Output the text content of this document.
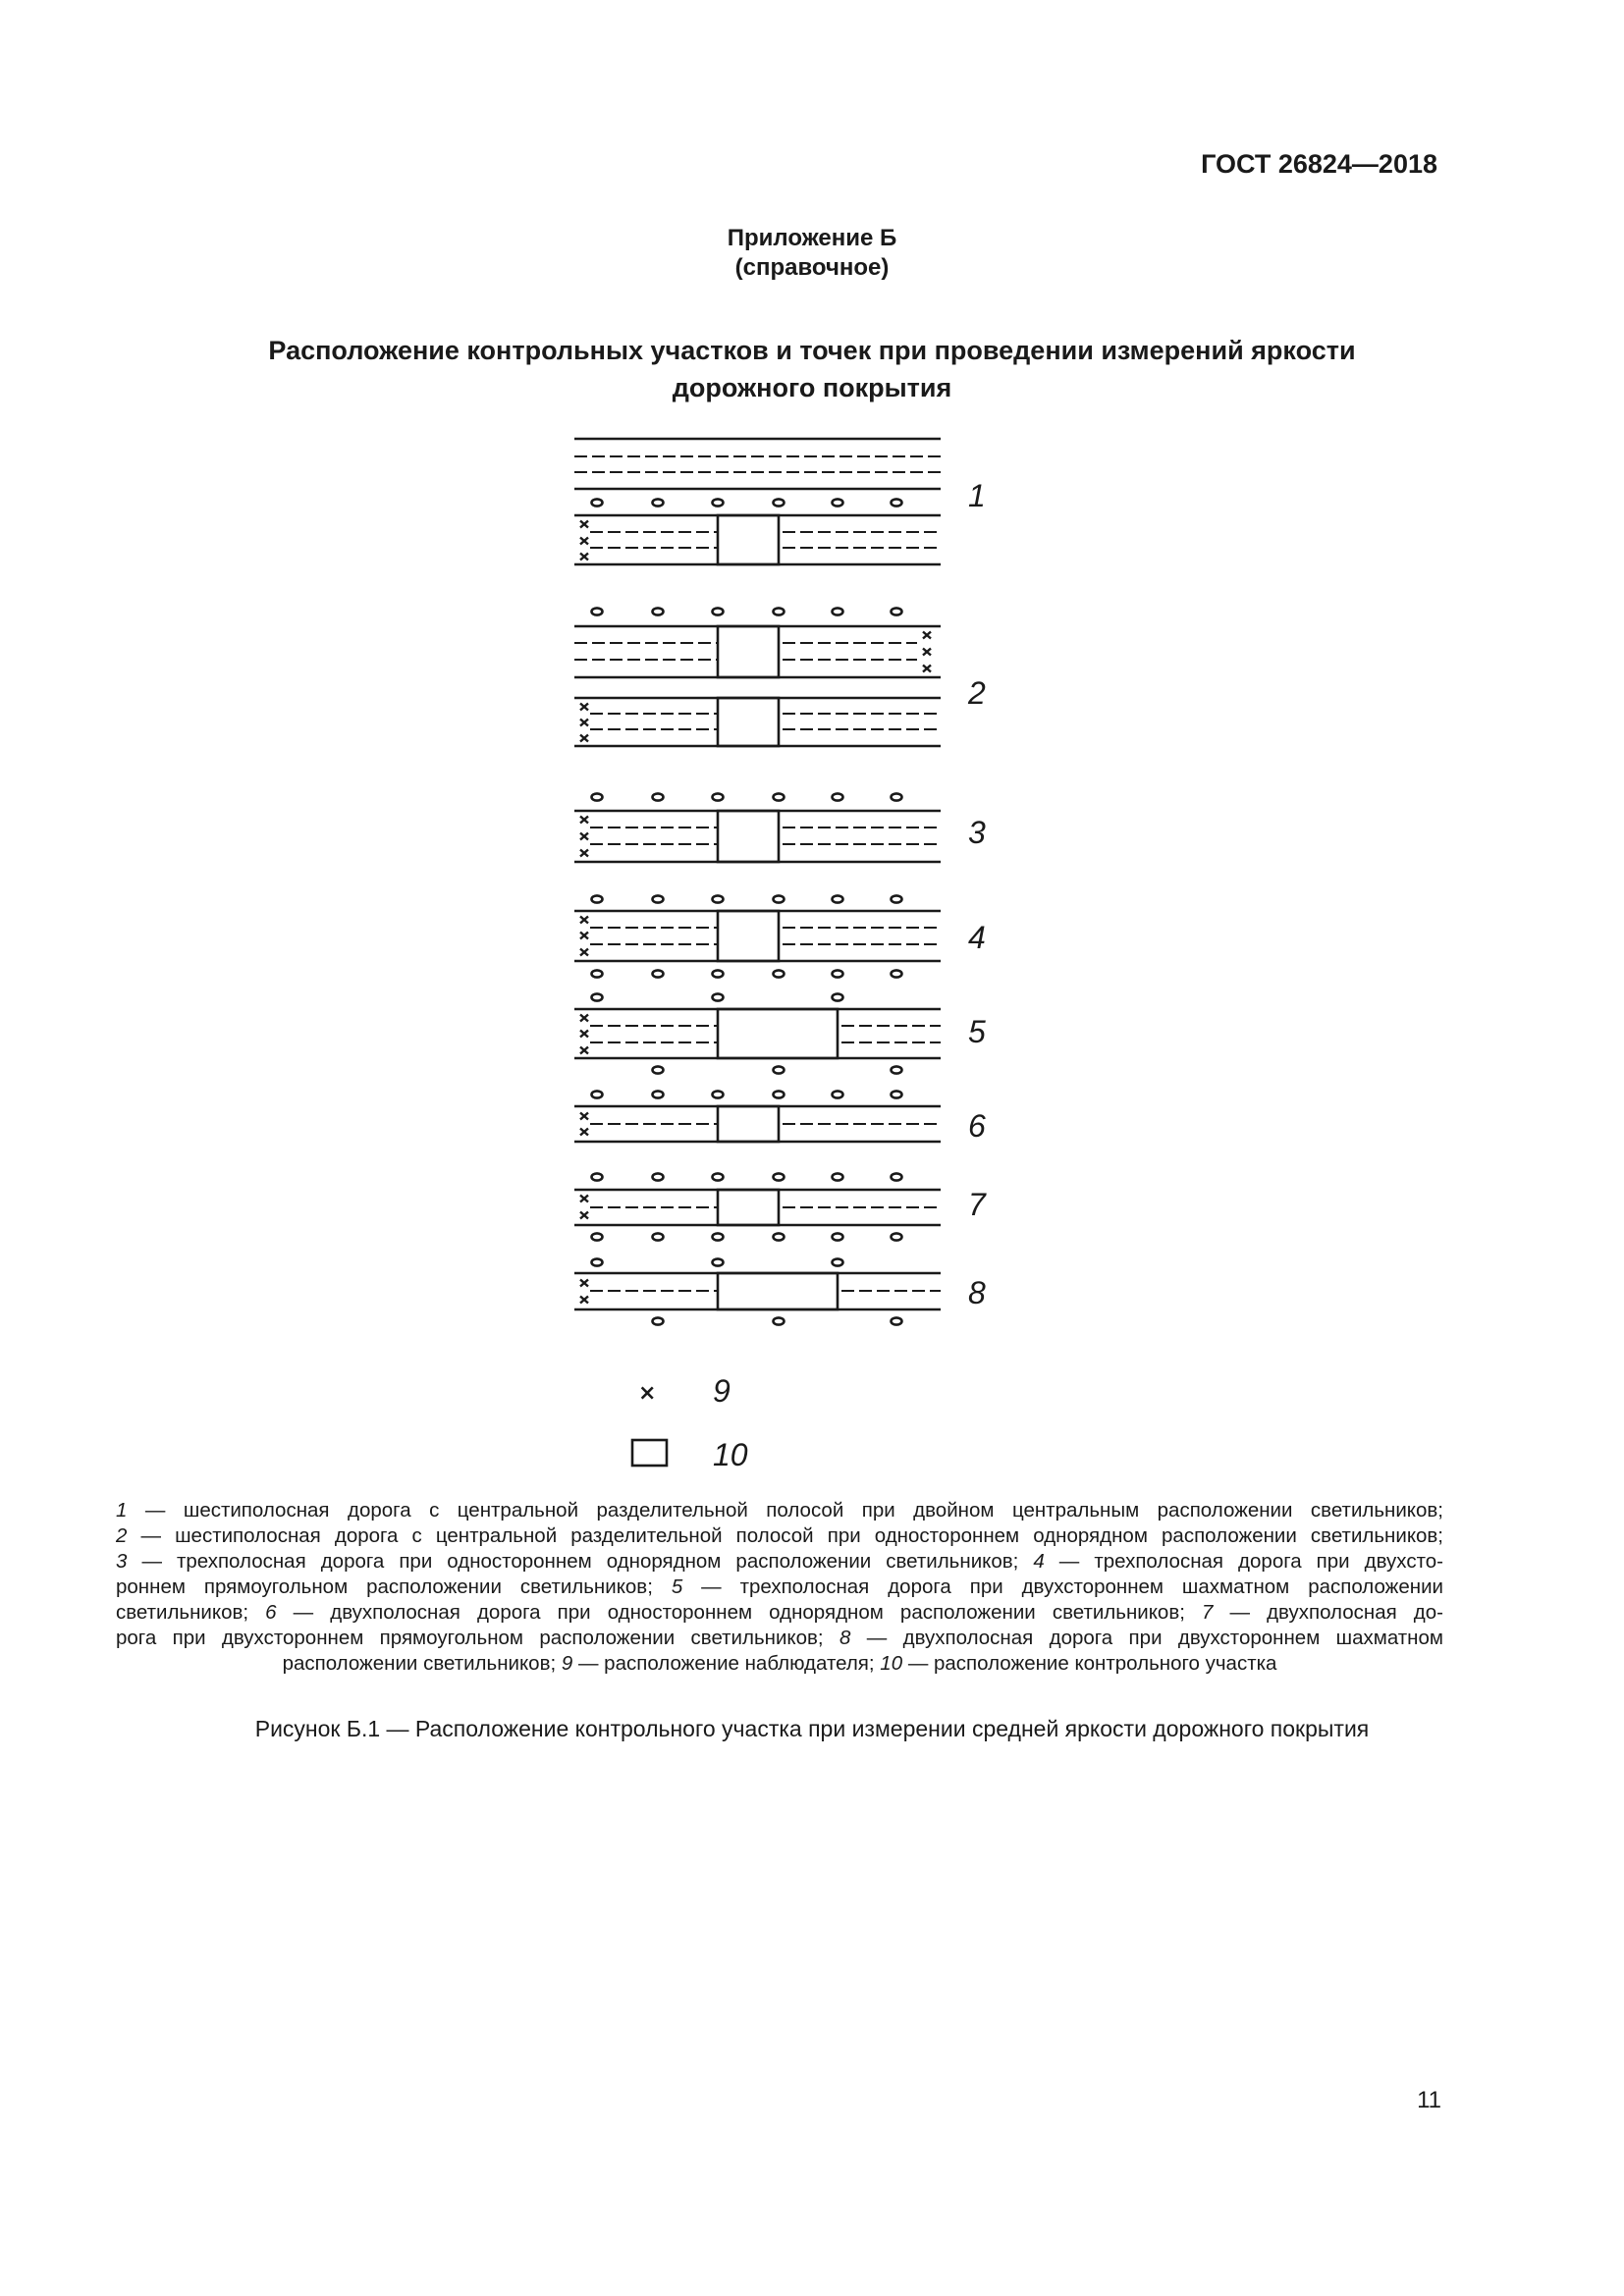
ГОСТ 26824—2018
Приложение Б
(справочное)
Расположение контрольных участков и точек при проведении измерений яркости
дорожного покрытия
1
2
3
4
5
6
7
8
× 9
10
1 — шестиполосная дорога с центральной разделительной полосой при двойном центральным расположении светильников;
2 — шестиполосная дорога с центральной разделительной полосой при одностороннем однорядном расположении светильников;
3 — трехполосная дорога при одностороннем однорядном расположении светильников; 4 — трехполосная дорога при двухсто-
роннем прямоугольном расположении светильников; 5 — трехполосная дорога при двухстороннем шахматном расположении
светильников; 6 — двухполосная дорога при одностороннем однорядном расположении светильников; 7 — двухполосная до-
рога при двухстороннем прямоугольном расположении светильников; 8 — двухполосная дорога при двухстороннем шахматном
расположении светильников; 9 — расположение наблюдателя; 10 — расположение контрольного участка
Рисунок Б.1 — Расположение контрольного участка при измерении средней яркости дорожного покрытия
11
